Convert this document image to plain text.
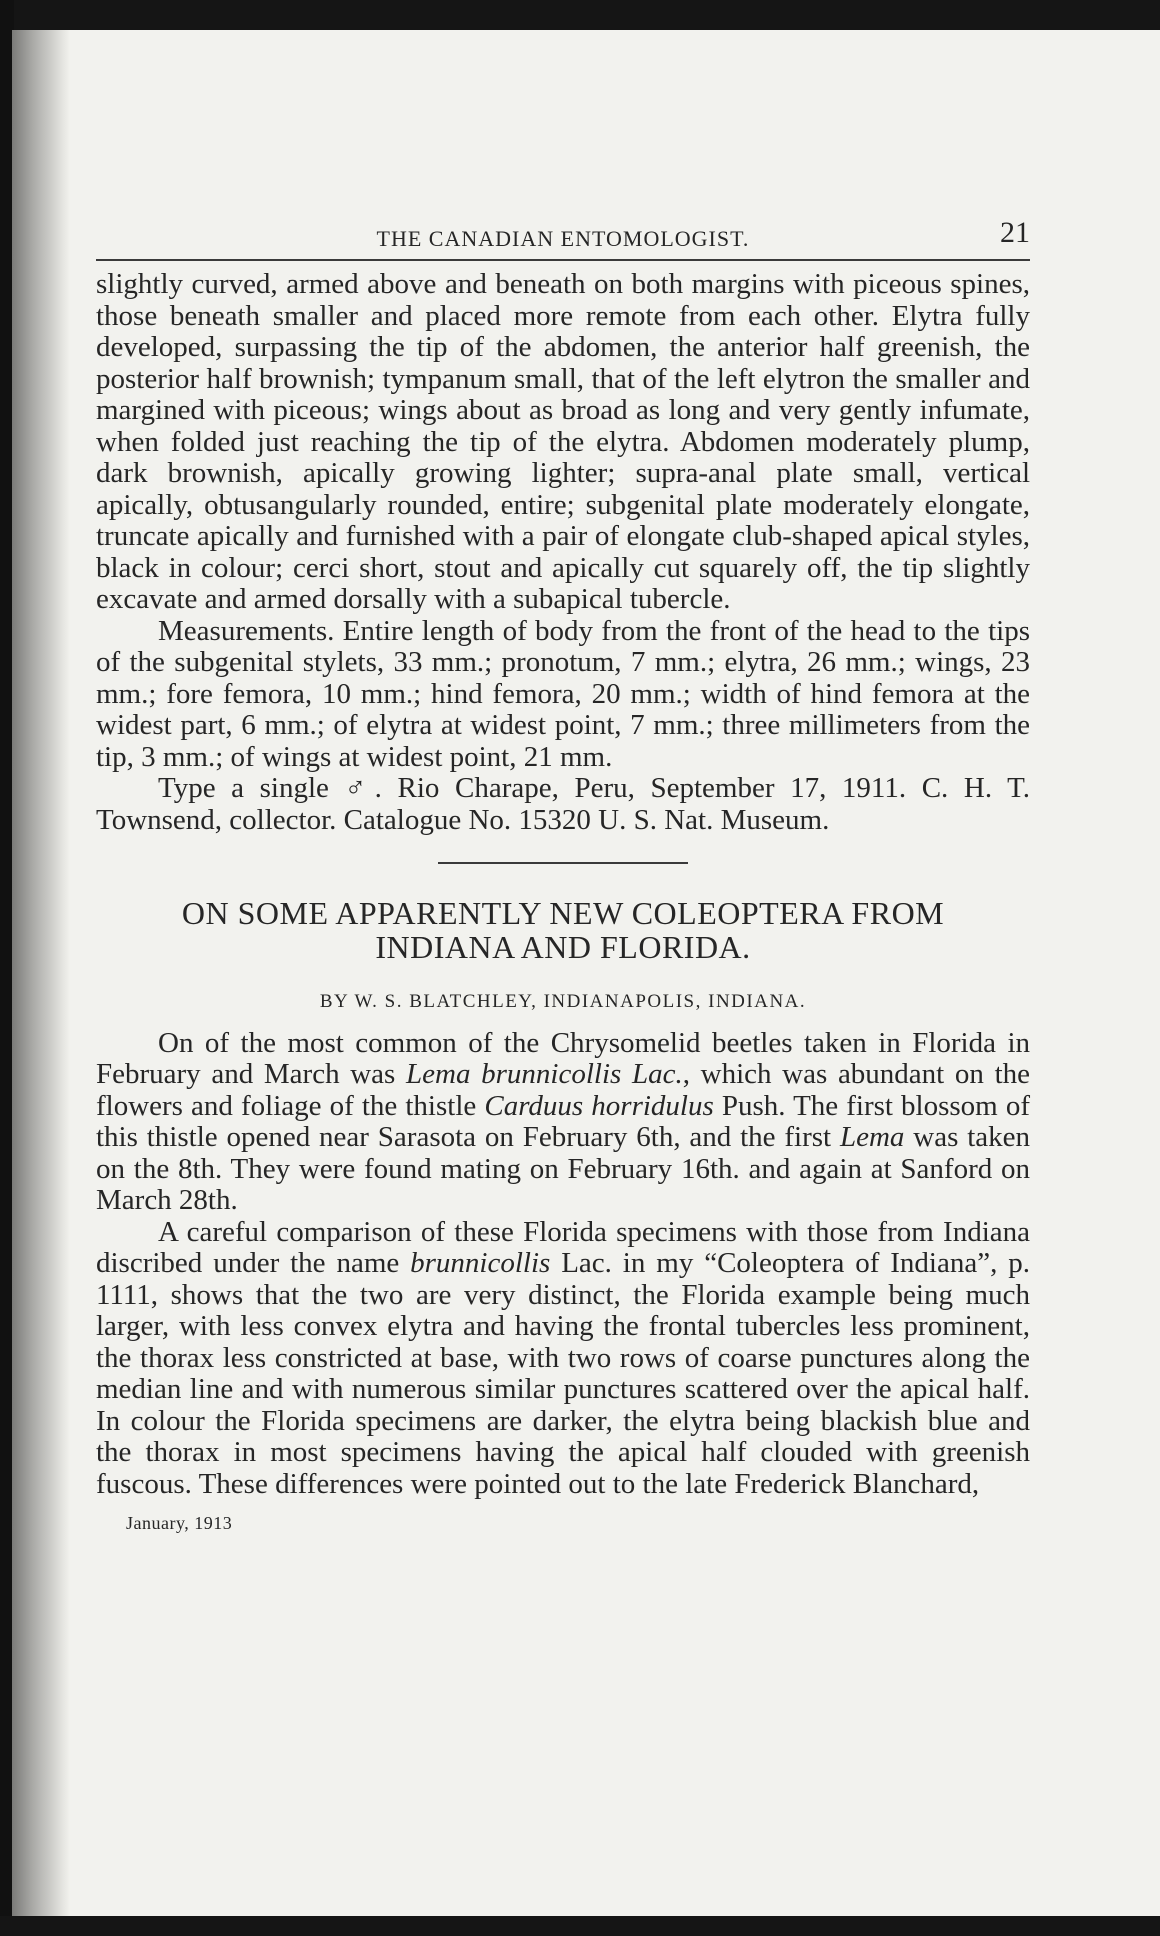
THE CANADIAN ENTOMOLOGIST.	21

slightly curved, armed above and beneath on both margins with piceous spines, those beneath smaller and placed more remote from each other. Elytra fully developed, surpassing the tip of the abdomen, the anterior half greenish, the posterior half brownish; tympanum small, that of the left elytron the smaller and margined with piceous; wings about as broad as long and very gently infumate, when folded just reaching the tip of the elytra. Abdomen moderately plump, dark brownish, apically growing lighter; supra-anal plate small, vertical apically, obtusangularly rounded, entire; subgenital plate moderately elongate, truncate apically and furnished with a pair of elongate club-shaped apical styles, black in colour; cerci short, stout and apically cut squarely off, the tip slightly excavate and armed dorsally with a subapical tubercle.

Measurements. Entire length of body from the front of the head to the tips of the subgenital stylets, 33 mm.; pronotum, 7 mm.; elytra, 26 mm.; wings, 23 mm.; fore femora, 10 mm.; hind femora, 20 mm.; width of hind femora at the widest part, 6 mm.; of elytra at widest point, 7 mm.; three millimeters from the tip, 3 mm.; of wings at widest point, 21 mm.

Type a single ♂. Rio Charape, Peru, September 17, 1911. C. H. T. Townsend, collector. Catalogue No. 15320 U. S. Nat. Museum.

ON SOME APPARENTLY NEW COLEOPTERA FROM
INDIANA AND FLORIDA.
BY W. S. BLATCHLEY, INDIANAPOLIS, INDIANA.

On of the most common of the Chrysomelid beetles taken in Florida in February and March was Lema brunnicollis Lac., which was abundant on the flowers and foliage of the thistle Carduus horridulus Push. The first blossom of this thistle opened near Sarasota on February 6th, and the first Lema was taken on the 8th. They were found mating on February 16th. and again at Sanford on March 28th.

A careful comparison of these Florida specimens with those from Indiana discribed under the name brunnicollis Lac. in my “Coleoptera of Indiana”, p. 1111, shows that the two are very distinct, the Florida example being much larger, with less convex elytra and having the frontal tubercles less prominent, the thorax less constricted at base, with two rows of coarse punctures along the median line and with numerous similar punctures scattered over the apical half. In colour the Florida specimens are darker, the elytra being blackish blue and the thorax in most specimens having the apical half clouded with greenish fuscous. These differences were pointed out to the late Frederick Blanchard,

January, 1913
